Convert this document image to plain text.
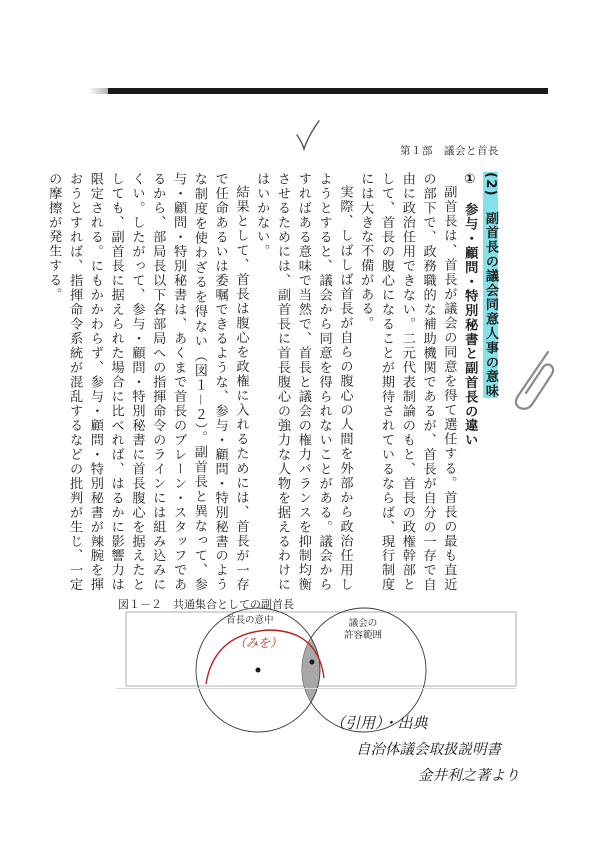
第１部　議会と首長

(2)　副首長の議会同意人事の意味

①　参与・顧問・特別秘書と副首長の違い

副首長は、首長が議会の同意を得て選任する。首長の最も直近の部下で、政務職的な補助機関であるが、首長が自分の一存で自由に政治任用できない。二元代表制論のもと、首長の政権幹部として、首長の腹心になることが期待されているならば、現行制度には大きな不備がある。

実際、しばしば首長が自らの腹心の人間を外部から政治任用しようとすると、議会から同意を得られないことがある。議会からすればある意味で当然で、首長と議会の権力バランスを抑制均衡させるためには、副首長に首長腹心の強力な人物を据えるわけにはいかない。

結果として、首長は腹心を政権に入れるためには、首長が一存で任命あるいは委嘱できるような、参与・顧問・特別秘書のような制度を使わざるを得ない（図１－２）。副首長と異なって、参与・顧問・特別秘書は、あくまで首長のブレーン・スタッフであるから、部局長以下各部局への指揮命令のラインには組み込みにくい。したがって、参与・顧問・特別秘書に首長腹心を据えたとしても、副首長に据えられた場合に比べれば、はるかに影響力は限定される。にもかかわらず、参与・顧問・特別秘書が辣腕を揮おうとすれば、指揮命令系統が混乱するなどの批判が生じ、一定の摩擦が発生する。

図１－２　共通集合としての副首長
首長の意中	議会の
許容範囲
（みを）
（引用）・出典
自治体議会取扱説明書
金井利之著より
